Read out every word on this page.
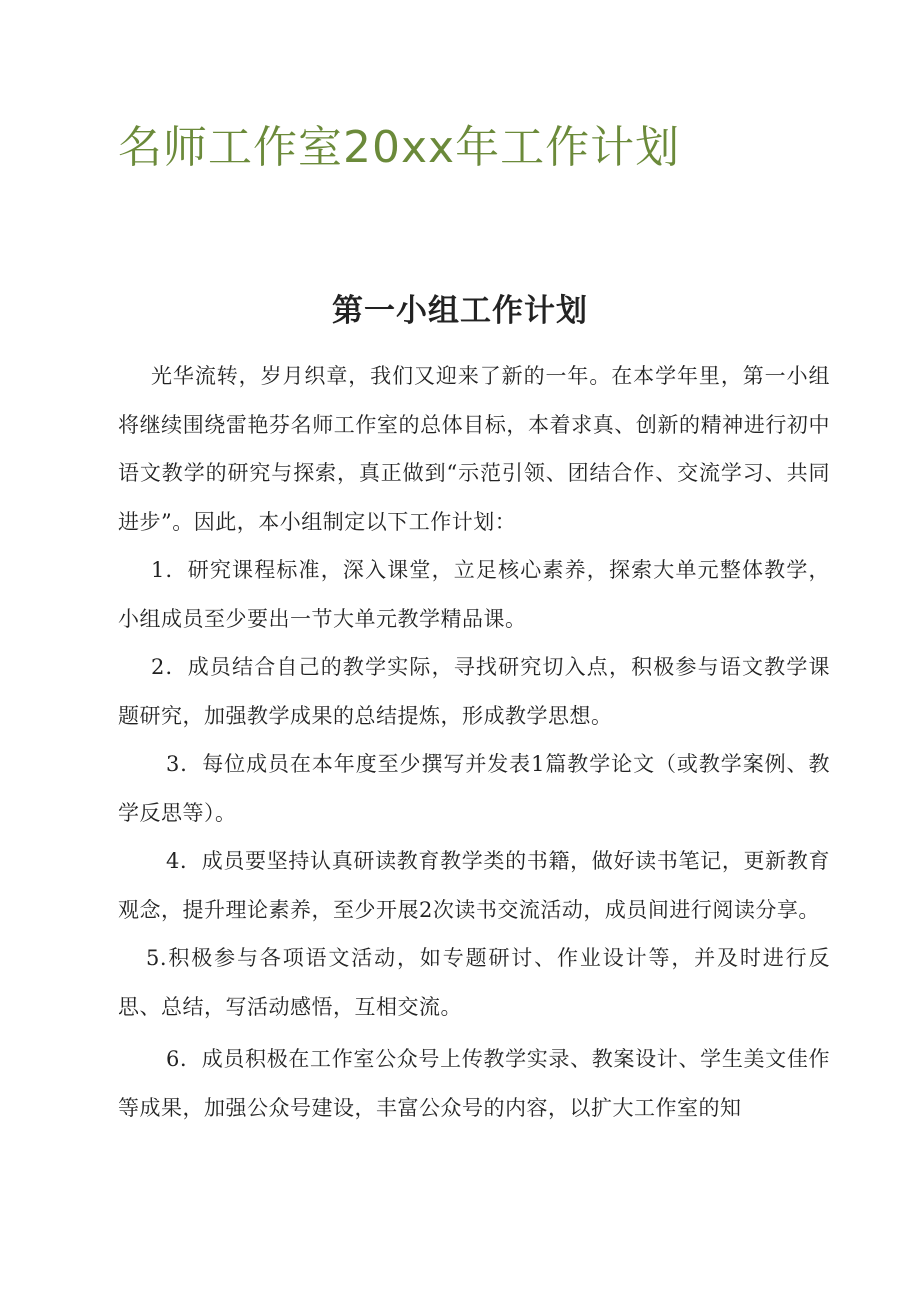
名师工作室20xx年工作计划
第一小组工作计划

光华流转，岁月织章，我们又迎来了新的一年。在本学年里，第一小组将继续围绕雷艳芬名师工作室的总体目标，本着求真、创新的精神进行初中语文教学的研究与探索，真正做到“示范引领、团结合作、交流学习、共同进步”。因此，本小组制定以下工作计划：

1．研究课程标准，深入课堂，立足核心素养，探索大单元整体教学，小组成员至少要出一节大单元教学精品课。

2．成员结合自己的教学实际，寻找研究切入点，积极参与语文教学课题研究，加强教学成果的总结提炼，形成教学思想。

3．每位成员在本年度至少撰写并发表1篇教学论文（或教学案例、教学反思等）。

4．成员要坚持认真研读教育教学类的书籍，做好读书笔记，更新教育观念，提升理论素养，至少开展2次读书交流活动，成员间进行阅读分享。

5.积极参与各项语文活动，如专题研讨、作业设计等，并及时进行反思、总结，写活动感悟，互相交流。

6．成员积极在工作室公众号上传教学实录、教案设计、学生美文佳作等成果，加强公众号建设，丰富公众号的内容，以扩大工作室的知
